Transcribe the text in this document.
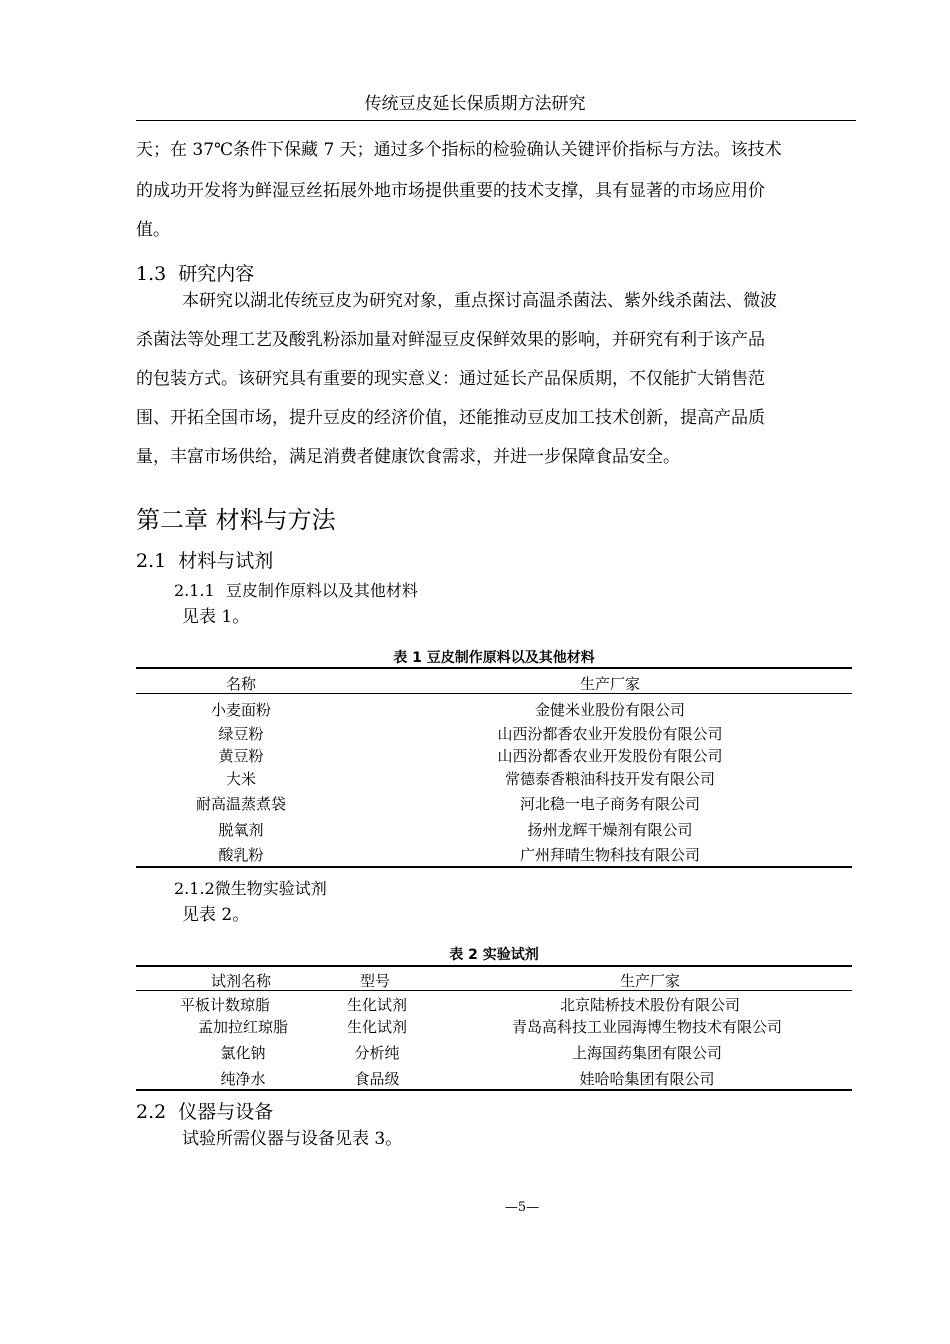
传统豆皮延长保质期方法研究
天；在 37℃条件下保藏 7 天；通过多个指标的检验确认关键评价指标与方法。该技术
的成功开发将为鲜湿豆丝拓展外地市场提供重要的技术支撑，具有显著的市场应用价
值。
1.3 研究内容
本研究以湖北传统豆皮为研究对象，重点探讨高温杀菌法、紫外线杀菌法、微波
杀菌法等处理工艺及酸乳粉添加量对鲜湿豆皮保鲜效果的影响，并研究有利于该产品
的包装方式。该研究具有重要的现实意义：通过延长产品保质期，不仅能扩大销售范
围、开拓全国市场，提升豆皮的经济价值，还能推动豆皮加工技术创新，提高产品质
量，丰富市场供给，满足消费者健康饮食需求，并进一步保障食品安全。
第二章 材料与方法
2.1 材料与试剂
2.1.1 豆皮制作原料以及其他材料
见表 1。
表 1 豆皮制作原料以及其他材料
名称	生产厂家
小麦面粉	金健米业股份有限公司
绿豆粉	山西汾都香农业开发股份有限公司
黄豆粉	山西汾都香农业开发股份有限公司
大米	常德泰香粮油科技开发有限公司
耐高温蒸煮袋	河北稳一电子商务有限公司
脱氧剂	扬州龙辉干燥剂有限公司
酸乳粉	广州拜晴生物科技有限公司
2.1.2微生物实验试剂
见表 2。
表 2 实验试剂
试剂名称	型号	生产厂家
平板计数琼脂	生化试剂	北京陆桥技术股份有限公司
孟加拉红琼脂	生化试剂	青岛高科技工业园海博生物技术有限公司
氯化钠	分析纯	上海国药集团有限公司
纯净水	食品级	娃哈哈集团有限公司
2.2 仪器与设备
试验所需仪器与设备见表 3。
—5—
